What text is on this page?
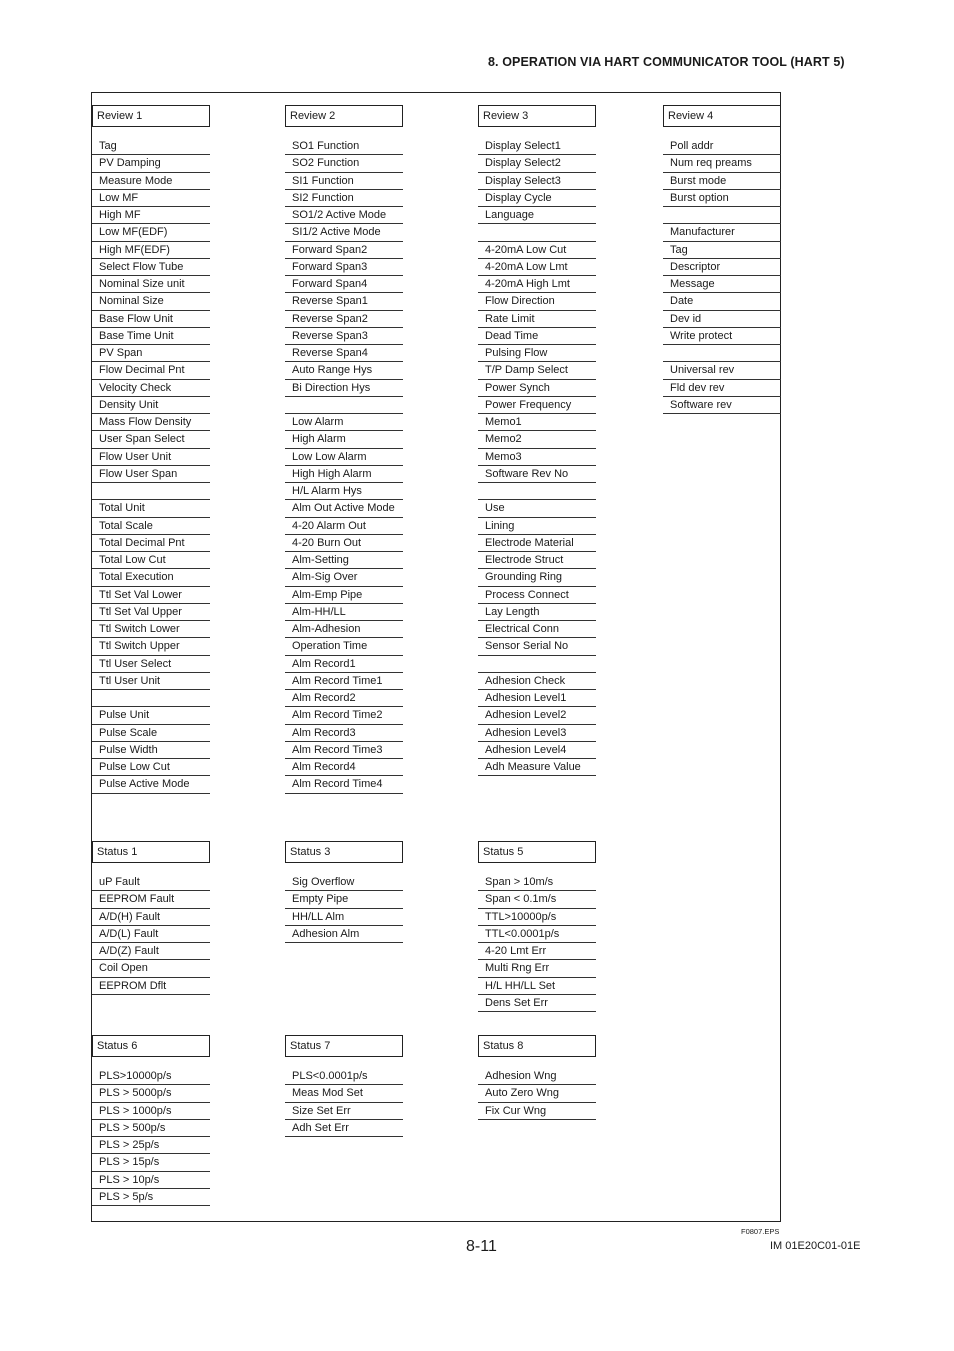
8. OPERATION VIA HART COMMUNICATOR TOOL (HART 5)
Review 1
Tag
PV Damping
Measure Mode
Low MF
High MF
Low MF(EDF)
High MF(EDF)
Select Flow Tube
Nominal Size unit
Nominal Size
Base Flow Unit
Base Time Unit
PV Span
Flow Decimal Pnt
Velocity Check
Density Unit
Mass Flow Density
User Span Select
Flow User Unit
Flow User Span
Total Unit
Total Scale
Total Decimal Pnt
Total Low Cut
Total Execution
Ttl Set Val Lower
Ttl Set Val Upper
Ttl Switch Lower
Ttl Switch Upper
Ttl User Select
Ttl User Unit
Pulse Unit
Pulse Scale
Pulse Width
Pulse Low Cut
Pulse Active Mode
Review 2
SO1 Function
SO2 Function
SI1 Function
SI2 Function
SO1/2 Active Mode
SI1/2 Active Mode
Forward Span2
Forward Span3
Forward Span4
Reverse Span1
Reverse Span2
Reverse Span3
Reverse Span4
Auto Range Hys
Bi Direction Hys
Low Alarm
High Alarm
Low Low Alarm
High High Alarm
H/L Alarm Hys
Alm Out Active Mode
4-20 Alarm Out
4-20 Burn Out
Alm-Setting
Alm-Sig Over
Alm-Emp Pipe
Alm-HH/LL
Alm-Adhesion
Operation Time
Alm Record1
Alm Record Time1
Alm Record2
Alm Record Time2
Alm Record3
Alm Record Time3
Alm Record4
Alm Record Time4
Review 3
Display Select1
Display Select2
Display Select3
Display Cycle
Language
4-20mA Low Cut
4-20mA Low Lmt
4-20mA High Lmt
Flow Direction
Rate Limit
Dead Time
Pulsing Flow
T/P Damp Select
Power Synch
Power Frequency
Memo1
Memo2
Memo3
Software Rev No
Use
Lining
Electrode Material
Electrode Struct
Grounding Ring
Process Connect
Lay Length
Electrical Conn
Sensor Serial No
Adhesion Check
Adhesion Level1
Adhesion Level2
Adhesion Level3
Adhesion Level4
Adh Measure Value
Review 4
Poll addr
Num req preams
Burst mode
Burst option
Manufacturer
Tag
Descriptor
Message
Date
Dev id
Write protect
Universal rev
Fld dev rev
Software rev
Status 1
uP Fault
EEPROM Fault
A/D(H) Fault
A/D(L) Fault
A/D(Z) Fault
Coil Open
EEPROM Dflt
Status 3
Sig Overflow
Empty Pipe
HH/LL Alm
Adhesion Alm
Status 5
Span > 10m/s
Span < 0.1m/s
TTL>10000p/s
TTL<0.0001p/s
4-20 Lmt Err
Multi Rng Err
H/L HH/LL Set
Dens Set Err
Status 6
PLS>10000p/s
PLS > 5000p/s
PLS > 1000p/s
PLS > 500p/s
PLS > 25p/s
PLS > 15p/s
PLS > 10p/s
PLS > 5p/s
Status 7
PLS<0.0001p/s
Meas Mod Set
Size Set Err
Adh Set Err
Status 8
Adhesion Wng
Auto Zero Wng
Fix Cur Wng
F0807.EPS
8-11	IM 01E20C01-01E
